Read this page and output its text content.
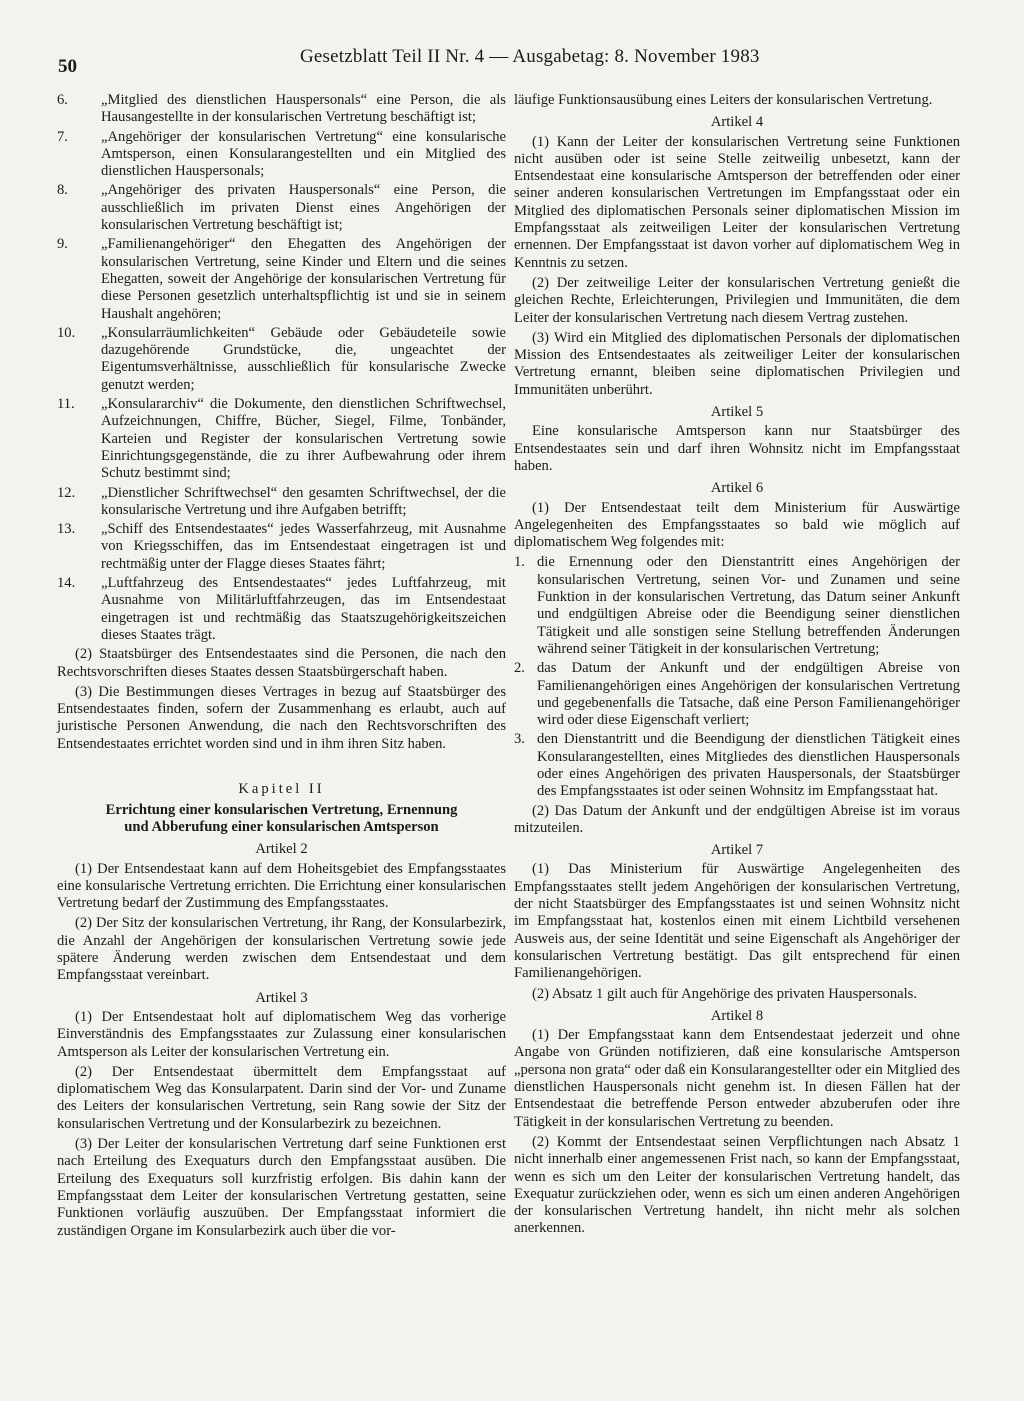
50	Gesetzblatt Teil II Nr. 4 — Ausgabetag: 8. November 1983
6.	„Mitglied des dienstlichen Hauspersonals“ eine Person, die als Hausangestellte in der konsularischen Vertretung beschäftigt ist;
7.	„Angehöriger der konsularischen Vertretung“ eine konsularische Amtsperson, einen Konsularangestellten und ein Mitglied des dienstlichen Hauspersonals;
8.	„Angehöriger des privaten Hauspersonals“ eine Person, die ausschließlich im privaten Dienst eines Angehörigen der konsularischen Vertretung beschäftigt ist;
9.	„Familienangehöriger“ den Ehegatten des Angehörigen der konsularischen Vertretung, seine Kinder und Eltern und die seines Ehegatten, soweit der Angehörige der konsularischen Vertretung für diese Personen gesetzlich unterhaltspflichtig ist und sie in seinem Haushalt angehören;
10.	„Konsularräumlichkeiten“ Gebäude oder Gebäudeteile sowie dazugehörende Grundstücke, die, ungeachtet der Eigentumsverhältnisse, ausschließlich für konsularische Zwecke genutzt werden;
11.	„Konsulararchiv“ die Dokumente, den dienstlichen Schriftwechsel, Aufzeichnungen, Chiffre, Bücher, Siegel, Filme, Tonbänder, Karteien und Register der konsularischen Vertretung sowie Einrichtungsgegenstände, die zu ihrer Aufbewahrung oder ihrem Schutz bestimmt sind;
12.	„Dienstlicher Schriftwechsel“ den gesamten Schriftwechsel, der die konsularische Vertretung und ihre Aufgaben betrifft;
13.	„Schiff des Entsendestaates“ jedes Wasserfahrzeug, mit Ausnahme von Kriegsschiffen, das im Entsendestaat eingetragen ist und rechtmäßig unter der Flagge dieses Staates fährt;
14.	„Luftfahrzeug des Entsendestaates“ jedes Luftfahrzeug, mit Ausnahme von Militärluftfahrzeugen, das im Entsendestaat eingetragen ist und rechtmäßig das Staatszugehörigkeitszeichen dieses Staates trägt.

(2) Staatsbürger des Entsendestaates sind die Personen, die nach den Rechtsvorschriften dieses Staates dessen Staatsbürgerschaft haben.

(3) Die Bestimmungen dieses Vertrages in bezug auf Staatsbürger des Entsendestaates finden, sofern der Zusammenhang es erlaubt, auch auf juristische Personen Anwendung, die nach den Rechtsvorschriften des Entsendestaates errichtet worden sind und in ihm ihren Sitz haben.

Kapitel II
Errichtung einer konsularischen Vertretung, Ernennung
und Abberufung einer konsularischen Amtsperson
Artikel 2

(1) Der Entsendestaat kann auf dem Hoheitsgebiet des Empfangsstaates eine konsularische Vertretung errichten. Die Errichtung einer konsularischen Vertretung bedarf der Zustimmung des Empfangsstaates.

(2) Der Sitz der konsularischen Vertretung, ihr Rang, der Konsularbezirk, die Anzahl der Angehörigen der konsularischen Vertretung sowie jede spätere Änderung werden zwischen dem Entsendestaat und dem Empfangsstaat vereinbart.

Artikel 3

(1) Der Entsendestaat holt auf diplomatischem Weg das vorherige Einverständnis des Empfangsstaates zur Zulassung einer konsularischen Amtsperson als Leiter der konsularischen Vertretung ein.

(2) Der Entsendestaat übermittelt dem Empfangsstaat auf diplomatischem Weg das Konsularpatent. Darin sind der Vor- und Zuname des Leiters der konsularischen Vertretung, sein Rang sowie der Sitz der konsularischen Vertretung und der Konsularbezirk zu bezeichnen.

(3) Der Leiter der konsularischen Vertretung darf seine Funktionen erst nach Erteilung des Exequaturs durch den Empfangsstaat ausüben. Die Erteilung des Exequaturs soll kurzfristig erfolgen. Bis dahin kann der Empfangsstaat dem Leiter der konsularischen Vertretung gestatten, seine Funktionen vorläufig auszuüben. Der Empfangsstaat informiert die zuständigen Organe im Konsularbezirk auch über die vor-

läufige Funktionsausübung eines Leiters der konsularischen Vertretung.

Artikel 4

(1) Kann der Leiter der konsularischen Vertretung seine Funktionen nicht ausüben oder ist seine Stelle zeitweilig unbesetzt, kann der Entsendestaat eine konsularische Amtsperson der betreffenden oder einer seiner anderen konsularischen Vertretungen im Empfangsstaat oder ein Mitglied des diplomatischen Personals seiner diplomatischen Mission im Empfangsstaat als zeitweiligen Leiter der konsularischen Vertretung ernennen. Der Empfangsstaat ist davon vorher auf diplomatischem Weg in Kenntnis zu setzen.

(2) Der zeitweilige Leiter der konsularischen Vertretung genießt die gleichen Rechte, Erleichterungen, Privilegien und Immunitäten, die dem Leiter der konsularischen Vertretung nach diesem Vertrag zustehen.

(3) Wird ein Mitglied des diplomatischen Personals der diplomatischen Mission des Entsendestaates als zeitweiliger Leiter der konsularischen Vertretung ernannt, bleiben seine diplomatischen Privilegien und Immunitäten unberührt.

Artikel 5

Eine konsularische Amtsperson kann nur Staatsbürger des Entsendestaates sein und darf ihren Wohnsitz nicht im Empfangsstaat haben.

Artikel 6

(1) Der Entsendestaat teilt dem Ministerium für Auswärtige Angelegenheiten des Empfangsstaates so bald wie möglich auf diplomatischem Weg folgendes mit:

1. die Ernennung oder den Dienstantritt eines Angehörigen der konsularischen Vertretung, seinen Vor- und Zunamen und seine Funktion in der konsularischen Vertretung, das Datum seiner Ankunft und endgültigen Abreise oder die Beendigung seiner dienstlichen Tätigkeit und alle sonstigen seine Stellung betreffenden Änderungen während seiner Tätigkeit in der konsularischen Vertretung;
2. das Datum der Ankunft und der endgültigen Abreise von Familienangehörigen eines Angehörigen der konsularischen Vertretung und gegebenenfalls die Tatsache, daß eine Person Familienangehöriger wird oder diese Eigenschaft verliert;
3. den Dienstantritt und die Beendigung der dienstlichen Tätigkeit eines Konsularangestellten, eines Mitgliedes des dienstlichen Hauspersonals oder eines Angehörigen des privaten Hauspersonals, der Staatsbürger des Empfangsstaates ist oder seinen Wohnsitz im Empfangsstaat hat.

(2) Das Datum der Ankunft und der endgültigen Abreise ist im voraus mitzuteilen.

Artikel 7

(1) Das Ministerium für Auswärtige Angelegenheiten des Empfangsstaates stellt jedem Angehörigen der konsularischen Vertretung, der nicht Staatsbürger des Empfangsstaates ist und seinen Wohnsitz nicht im Empfangsstaat hat, kostenlos einen mit einem Lichtbild versehenen Ausweis aus, der seine Identität und seine Eigenschaft als Angehöriger der konsularischen Vertretung bestätigt. Das gilt entsprechend für einen Familienangehörigen.

(2) Absatz 1 gilt auch für Angehörige des privaten Hauspersonals.

Artikel 8

(1) Der Empfangsstaat kann dem Entsendestaat jederzeit und ohne Angabe von Gründen notifizieren, daß eine konsularische Amtsperson „persona non grata“ oder daß ein Konsularangestellter oder ein Mitglied des dienstlichen Hauspersonals nicht genehm ist. In diesen Fällen hat der Entsendestaat die betreffende Person entweder abzuberufen oder ihre Tätigkeit in der konsularischen Vertretung zu beenden.

(2) Kommt der Entsendestaat seinen Verpflichtungen nach Absatz 1 nicht innerhalb einer angemessenen Frist nach, so kann der Empfangsstaat, wenn es sich um den Leiter der konsularischen Vertretung handelt, das Exequatur zurückziehen oder, wenn es sich um einen anderen Angehörigen der konsularischen Vertretung handelt, ihn nicht mehr als solchen anerkennen.
